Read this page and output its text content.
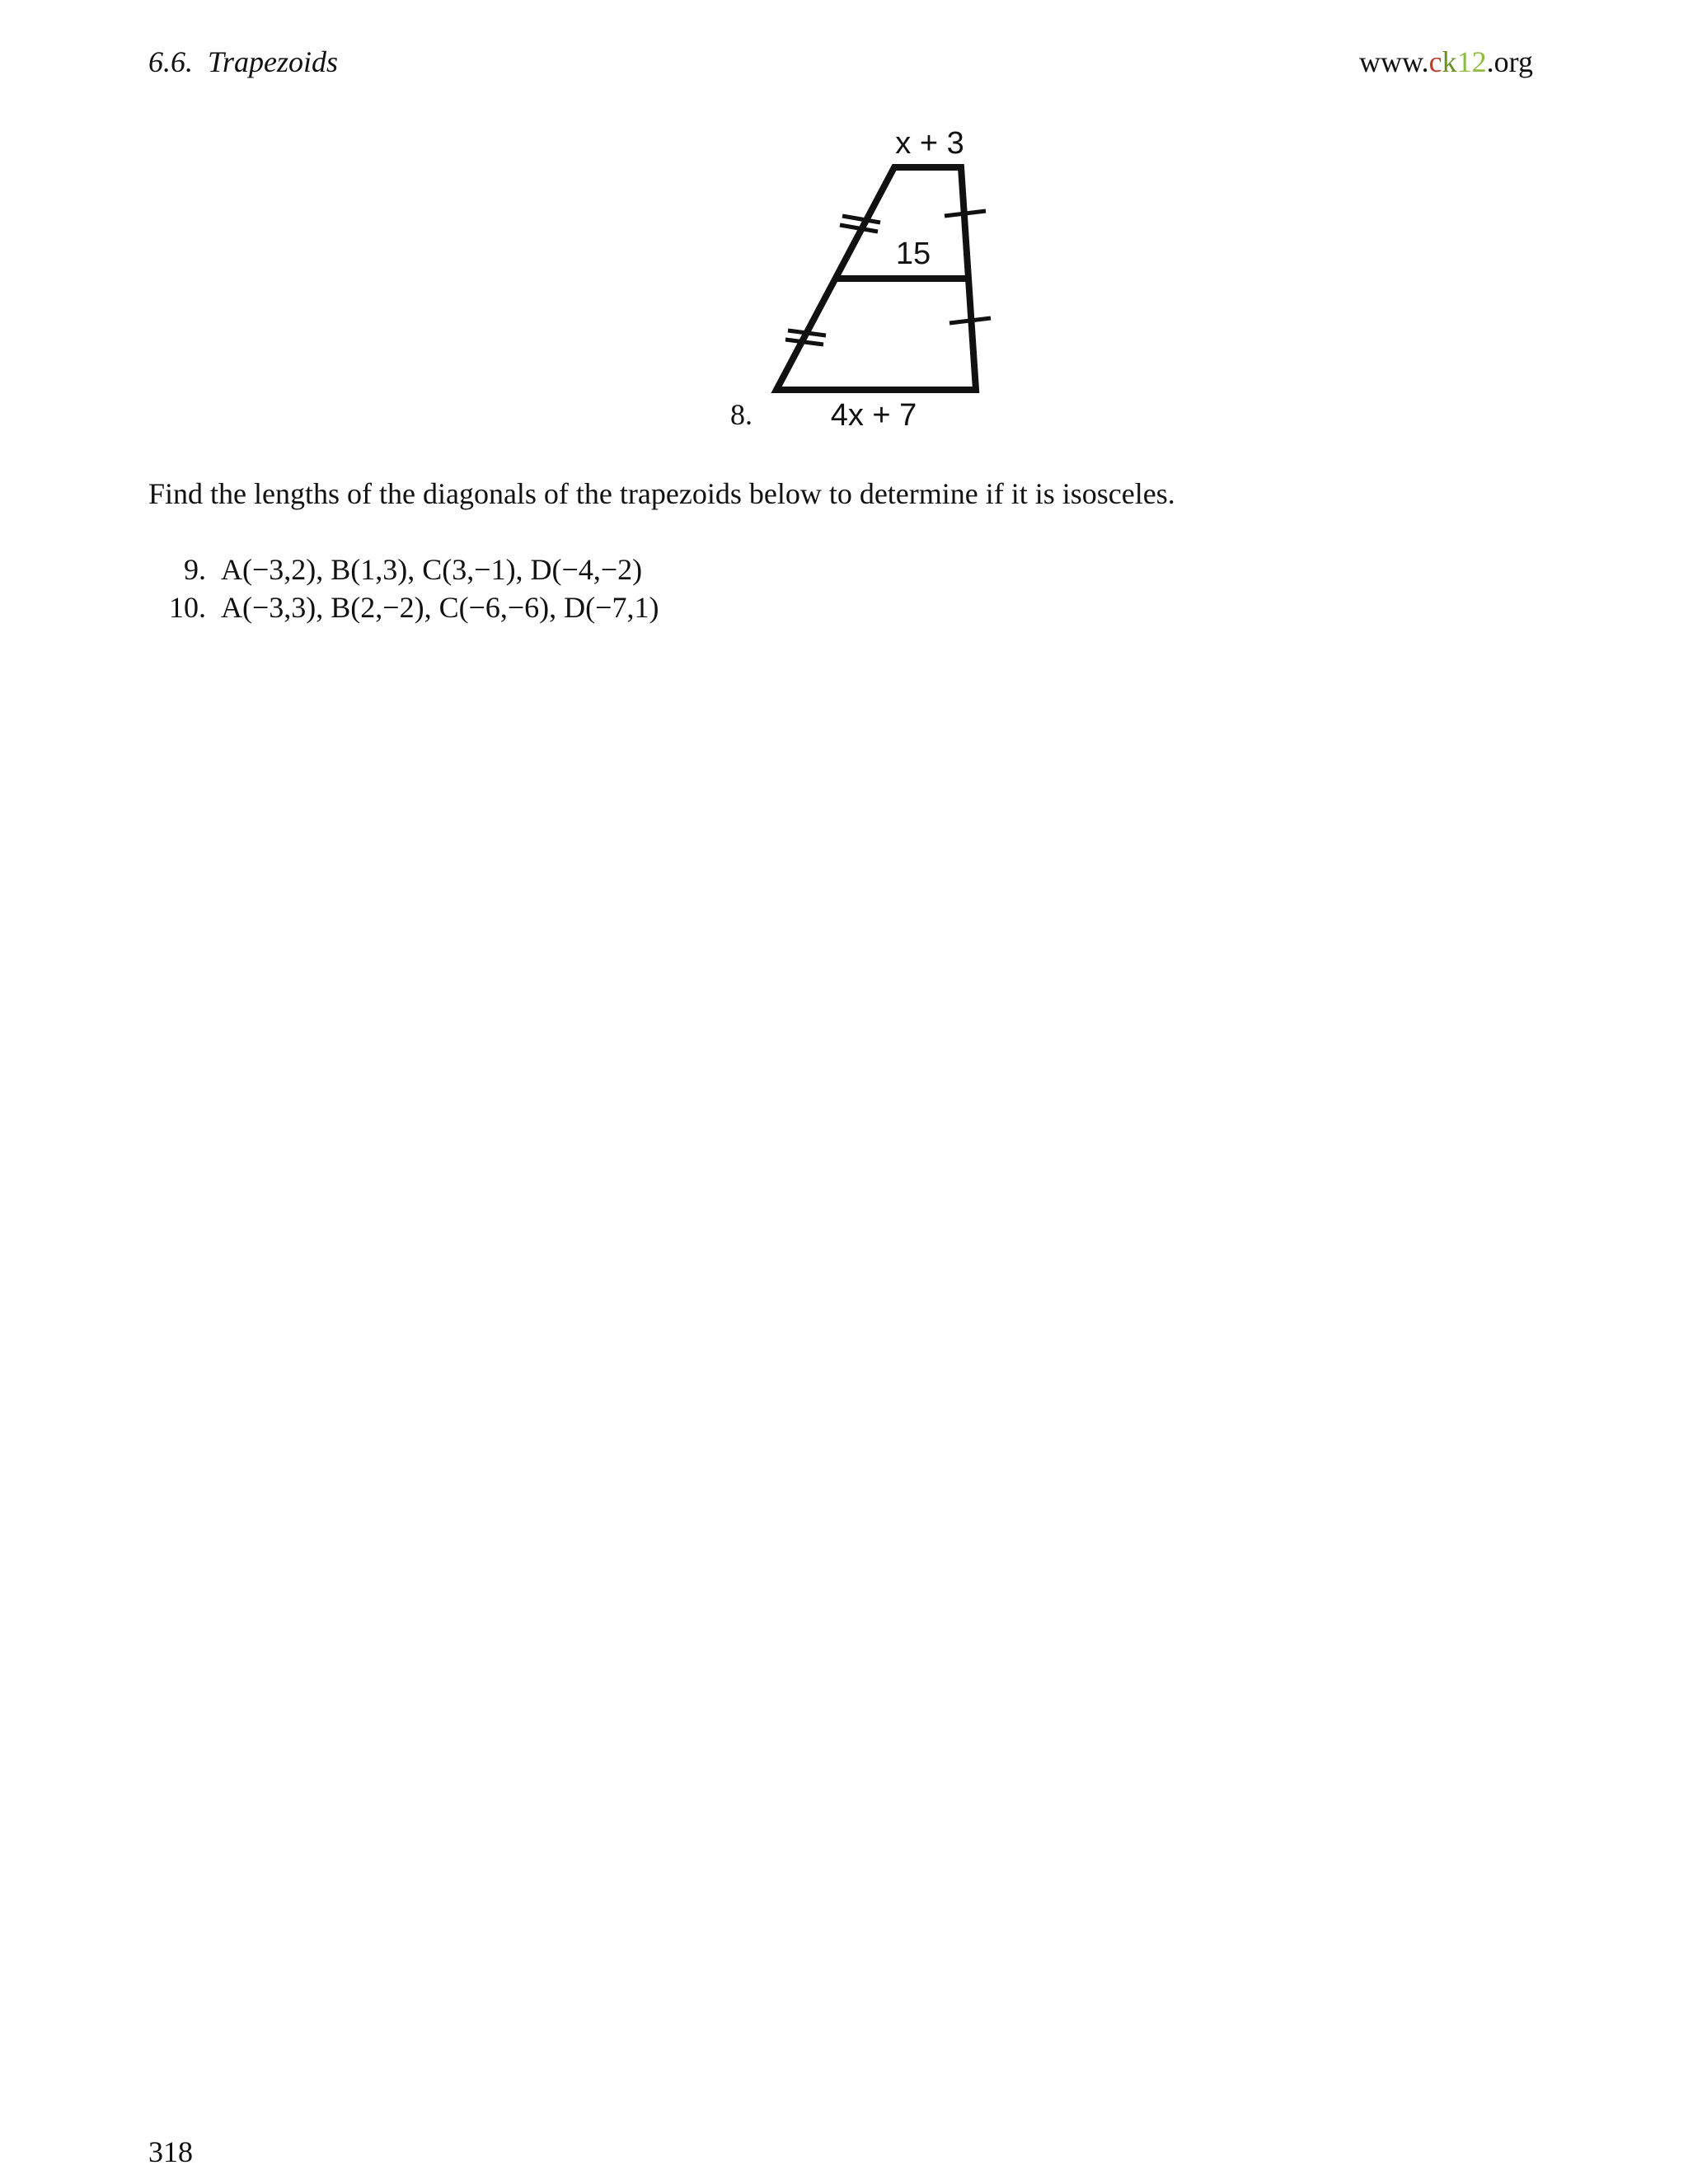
6.6. Trapezoids	www.ck12.org
x + 3
15
4x + 7
8.
Find the lengths of the diagonals of the trapezoids below to determine if it is isosceles.
9. A(−3,2), B(1,3), C(3,−1), D(−4,−2)
10. A(−3,3), B(2,−2), C(−6,−6), D(−7,1)
318
